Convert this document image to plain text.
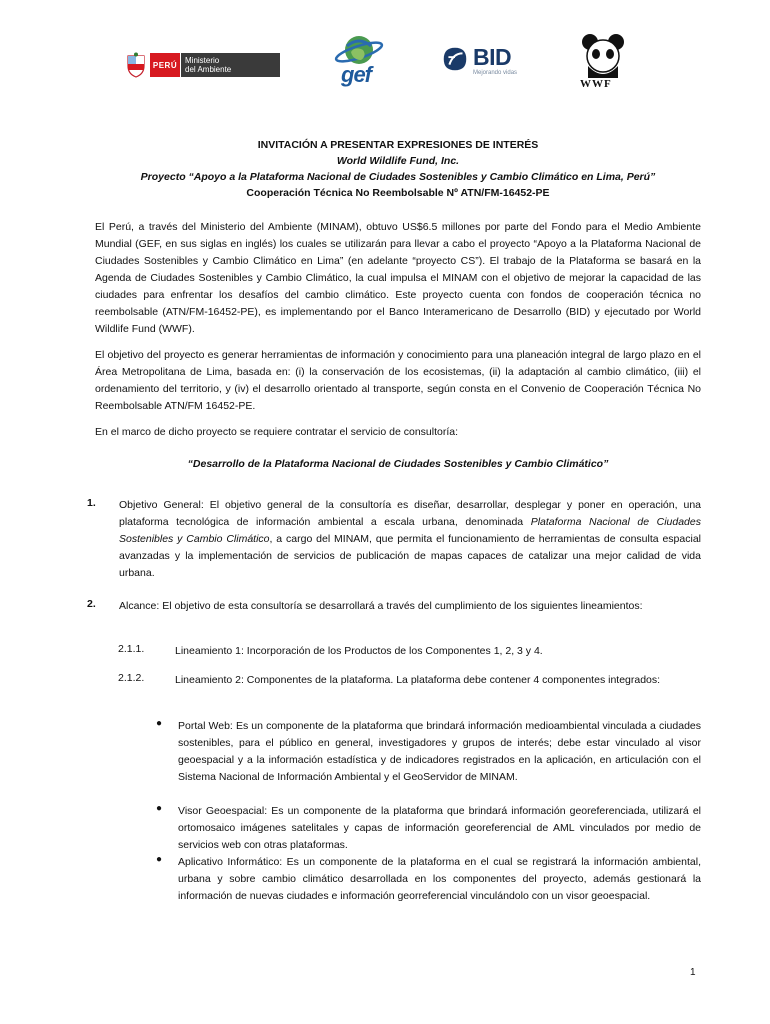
PERÚ Ministerio
del Ambiente	gef
BID
Mejorando vidas
WWF
INVITACIÓN A PRESENTAR EXPRESIONES DE INTERÉS
World Wildlife Fund, Inc.
Proyecto “Apoyo a la Plataforma Nacional de Ciudades Sostenibles y Cambio Climático en Lima, Perú”
Cooperación Técnica No Reembolsable Nº ATN/FM-16452-PE
El Perú, a través del Ministerio del Ambiente (MINAM), obtuvo US$6.5 millones por parte del Fondo para el Medio Ambiente Mundial (GEF, en sus siglas en inglés) los cuales se utilizarán para llevar a cabo el proyecto “Apoyo a la Plataforma Nacional de Ciudades Sostenibles y Cambio Climático en Lima” (en adelante “proyecto CS”). El trabajo de la Plataforma se basará en la Agenda de Ciudades Sostenibles y Cambio Climático, la cual impulsa el MINAM con el objetivo de mejorar la capacidad de las ciudades para enfrentar los desafíos del cambio climático. Este proyecto cuenta con fondos de cooperación técnica no reembolsable (ATN/FM-16452-PE), es implementando por el Banco Interamericano de Desarrollo (BID) y ejecutado por World Wildlife Fund (WWF).
El objetivo del proyecto es generar herramientas de información y conocimiento para una planeación integral de largo plazo en el Área Metropolitana de Lima, basada en: (i) la conservación de los ecosistemas, (ii) la adaptación al cambio climático, (iii) el ordenamiento del territorio, y (iv) el desarrollo orientado al transporte, según consta en el Convenio de Cooperación Técnica No Reembolsable ATN/FM 16452-PE.
En el marco de dicho proyecto se requiere contratar el servicio de consultoría:
“Desarrollo de la Plataforma Nacional de Ciudades Sostenibles y Cambio Climático”
1. Objetivo General: El objetivo general de la consultoría es diseñar, desarrollar, desplegar y poner en operación, una plataforma tecnológica de información ambiental a escala urbana, denominada Plataforma Nacional de Ciudades Sostenibles y Cambio Climático, a cargo del MINAM, que permita el funcionamiento de herramientas de consulta espacial avanzadas y la implementación de servicios de publicación de mapas capaces de catalizar una mejor calidad de vida urbana.
2. Alcance: El objetivo de esta consultoría se desarrollará a través del cumplimiento de los siguientes lineamientos:
2.1.1.	Lineamiento 1: Incorporación de los Productos de los Componentes 1, 2, 3 y 4.
2.1.2.	Lineamiento 2: Componentes de la plataforma. La plataforma debe contener 4 componentes integrados:
● Portal Web: Es un componente de la plataforma que brindará información medioambiental vinculada a ciudades sostenibles, para el público en general, investigadores y grupos de interés; debe estar vinculado al visor geoespacial y a la información estadística y de indicadores registrados en la aplicación, en articulación con el Sistema Nacional de Información Ambiental y el GeoServidor de MINAM.
● Visor Geoespacial: Es un componente de la plataforma que brindará información georeferenciada, utilizará el ortomosaico imágenes satelitales y capas de información georeferencial de AML vinculados por medio de servicios web con otras plataformas.
● Aplicativo Informático: Es un componente de la plataforma en el cual se registrará la información ambiental, urbana y sobre cambio climático desarrollada en los componentes del proyecto, además gestionará la información de nuevas ciudades e información georreferencial vinculándolo con un visor geoespacial.
1
